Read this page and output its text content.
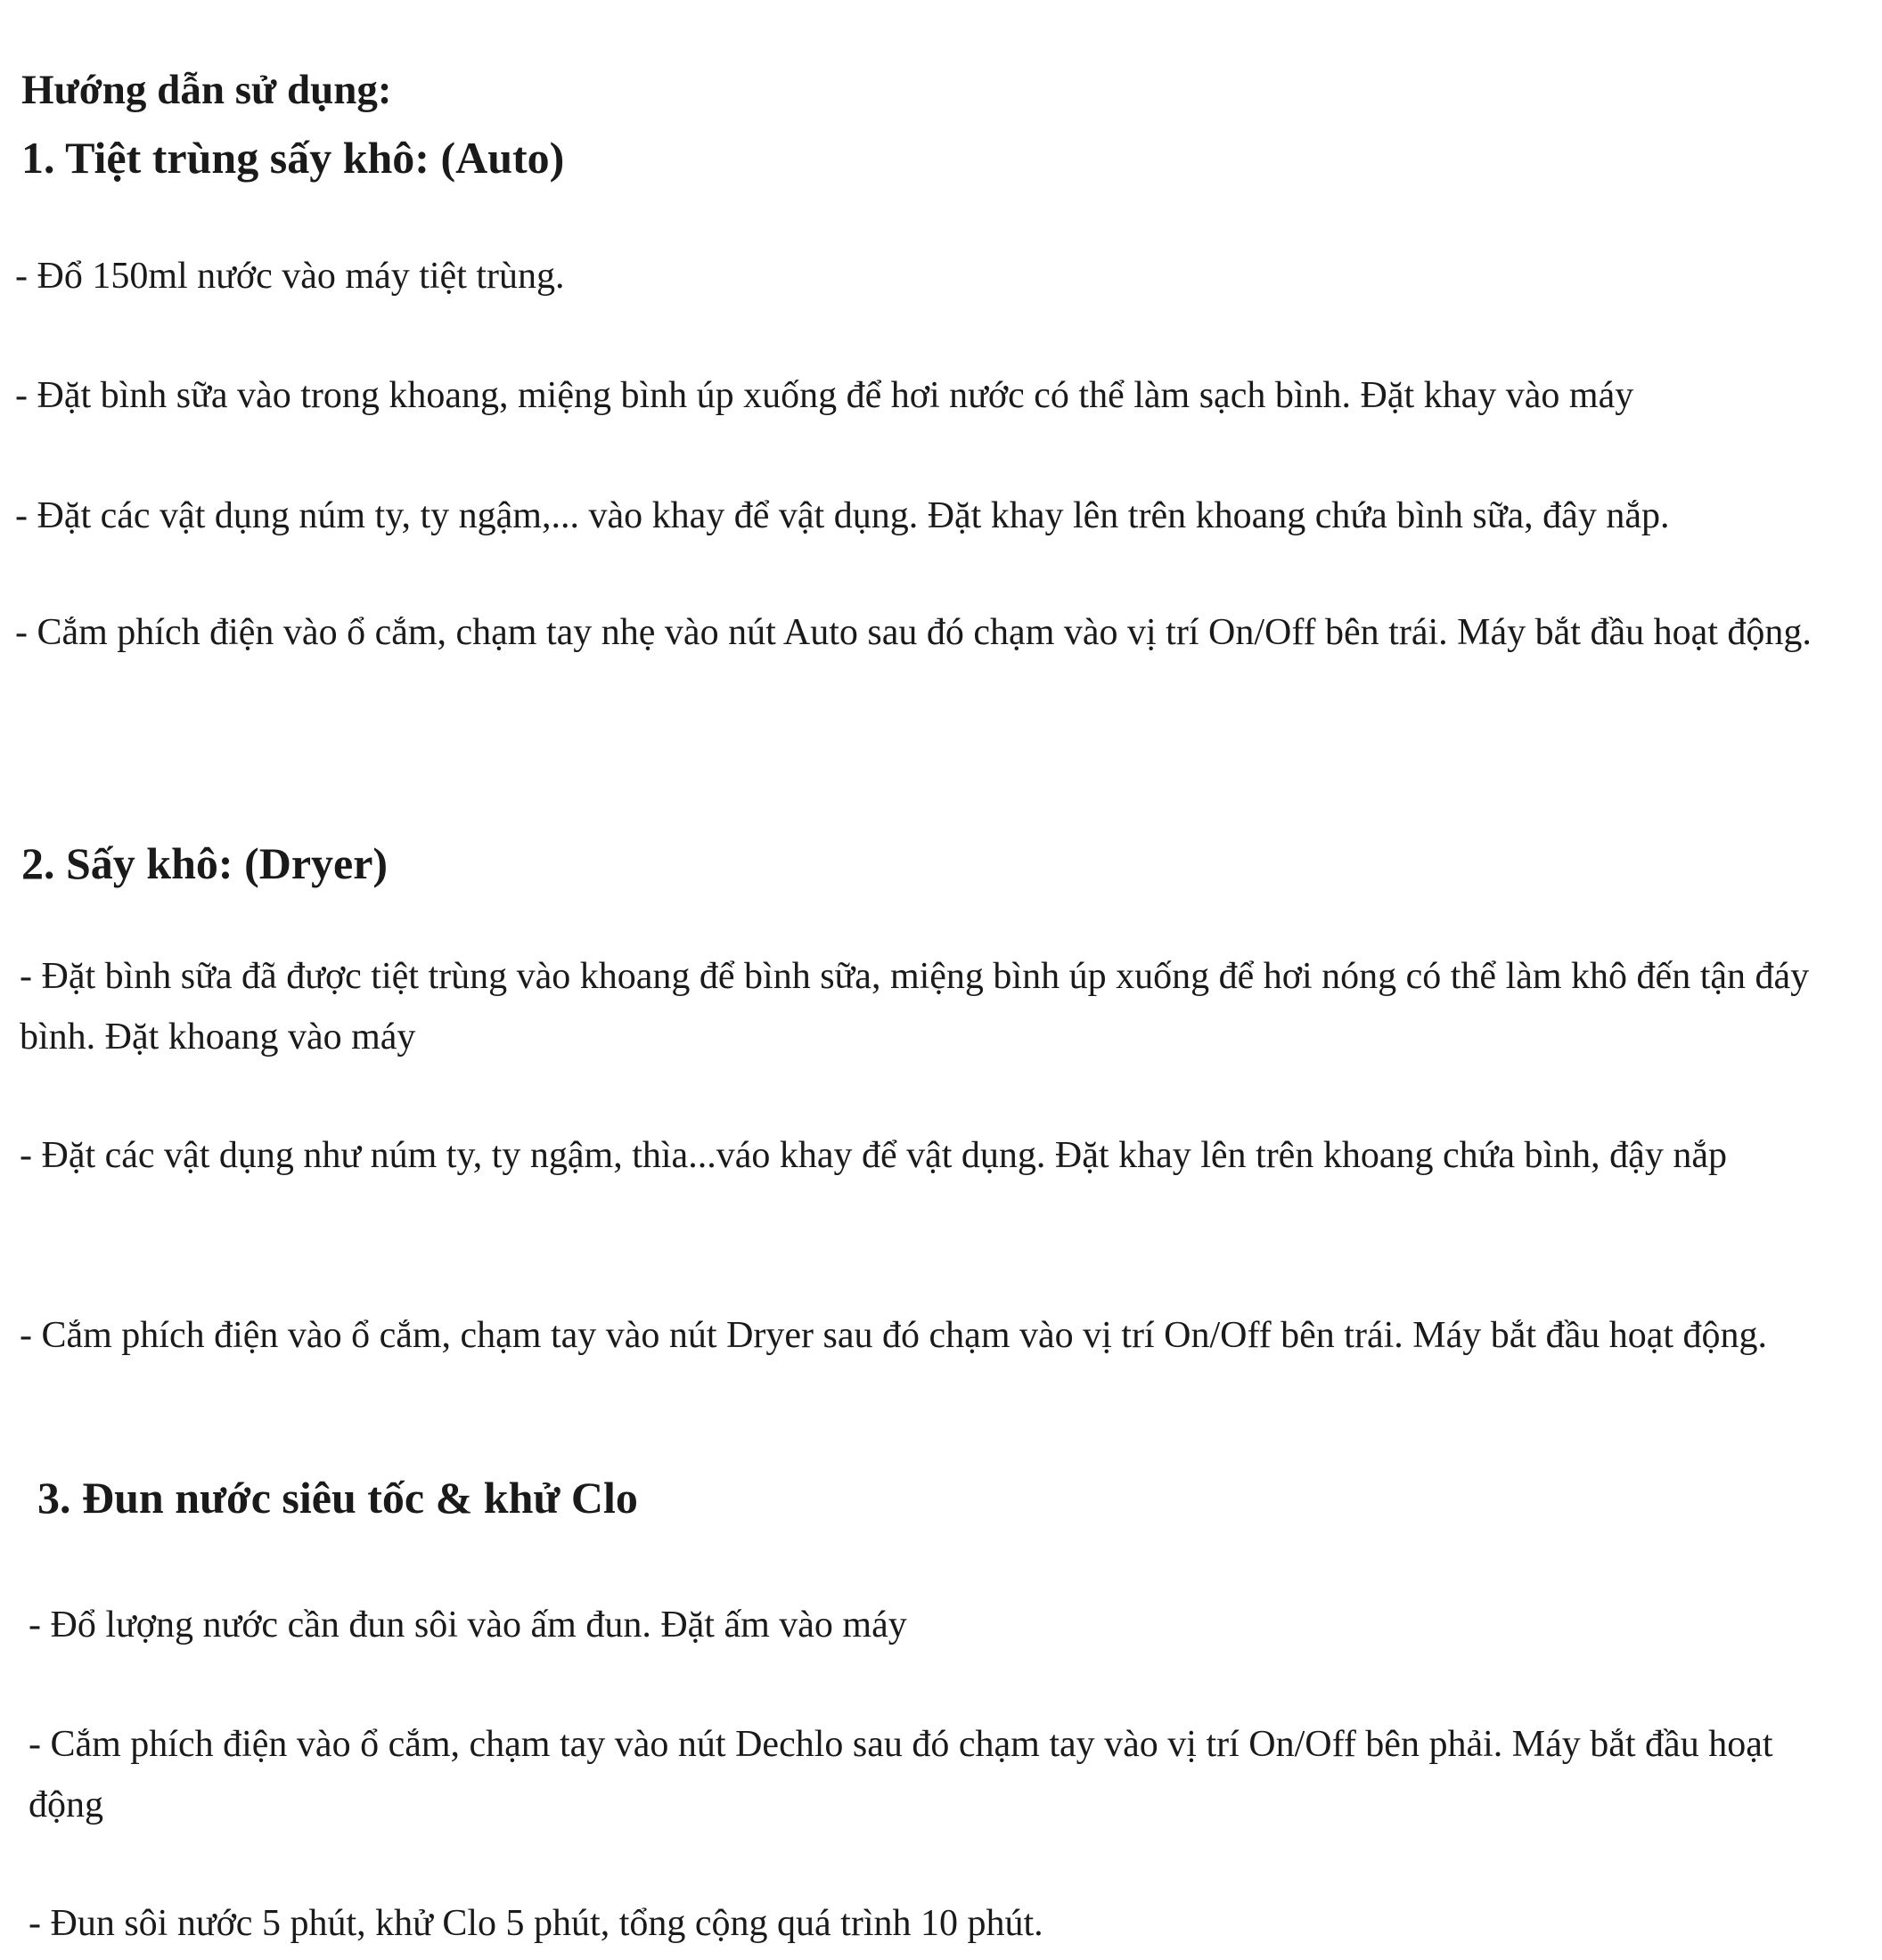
Hướng dẫn sử dụng:

1. Tiệt trùng sấy khô: (Auto)

- Đổ 150ml nước vào máy tiệt trùng.

- Đặt bình sữa vào trong khoang, miệng bình úp xuống để hơi nước có thể làm sạch bình. Đặt khay vào máy

- Đặt các vật dụng núm ty, ty ngậm,... vào khay để vật dụng. Đặt khay lên trên khoang chứa bình sữa, đây nắp.

- Cắm phích điện vào ổ cắm, chạm tay nhẹ vào nút Auto sau đó chạm vào vị trí On/Off bên trái. Máy bắt đầu hoạt động.

2. Sấy khô: (Dryer)

- Đặt bình sữa đã được tiệt trùng vào khoang để bình sữa, miệng bình úp xuống để hơi nóng có thể làm khô đến tận đáy bình. Đặt khoang vào máy

- Đặt các vật dụng như núm ty, ty ngậm, thìa...váo khay để vật dụng. Đặt khay lên trên khoang chứa bình, đậy nắp

- Cắm phích điện vào ổ cắm, chạm tay vào nút Dryer sau đó chạm vào vị trí On/Off bên trái. Máy bắt đầu hoạt động.

3. Đun nước siêu tốc & khử Clo

- Đổ lượng nước cần đun sôi vào ấm đun. Đặt ấm vào máy

- Cắm phích điện vào ổ cắm, chạm tay vào nút Dechlo sau đó chạm tay vào vị trí On/Off bên phải. Máy bắt đầu hoạt động

- Đun sôi nước 5 phút, khử Clo 5 phút, tổng cộng quá trình 10 phút.
